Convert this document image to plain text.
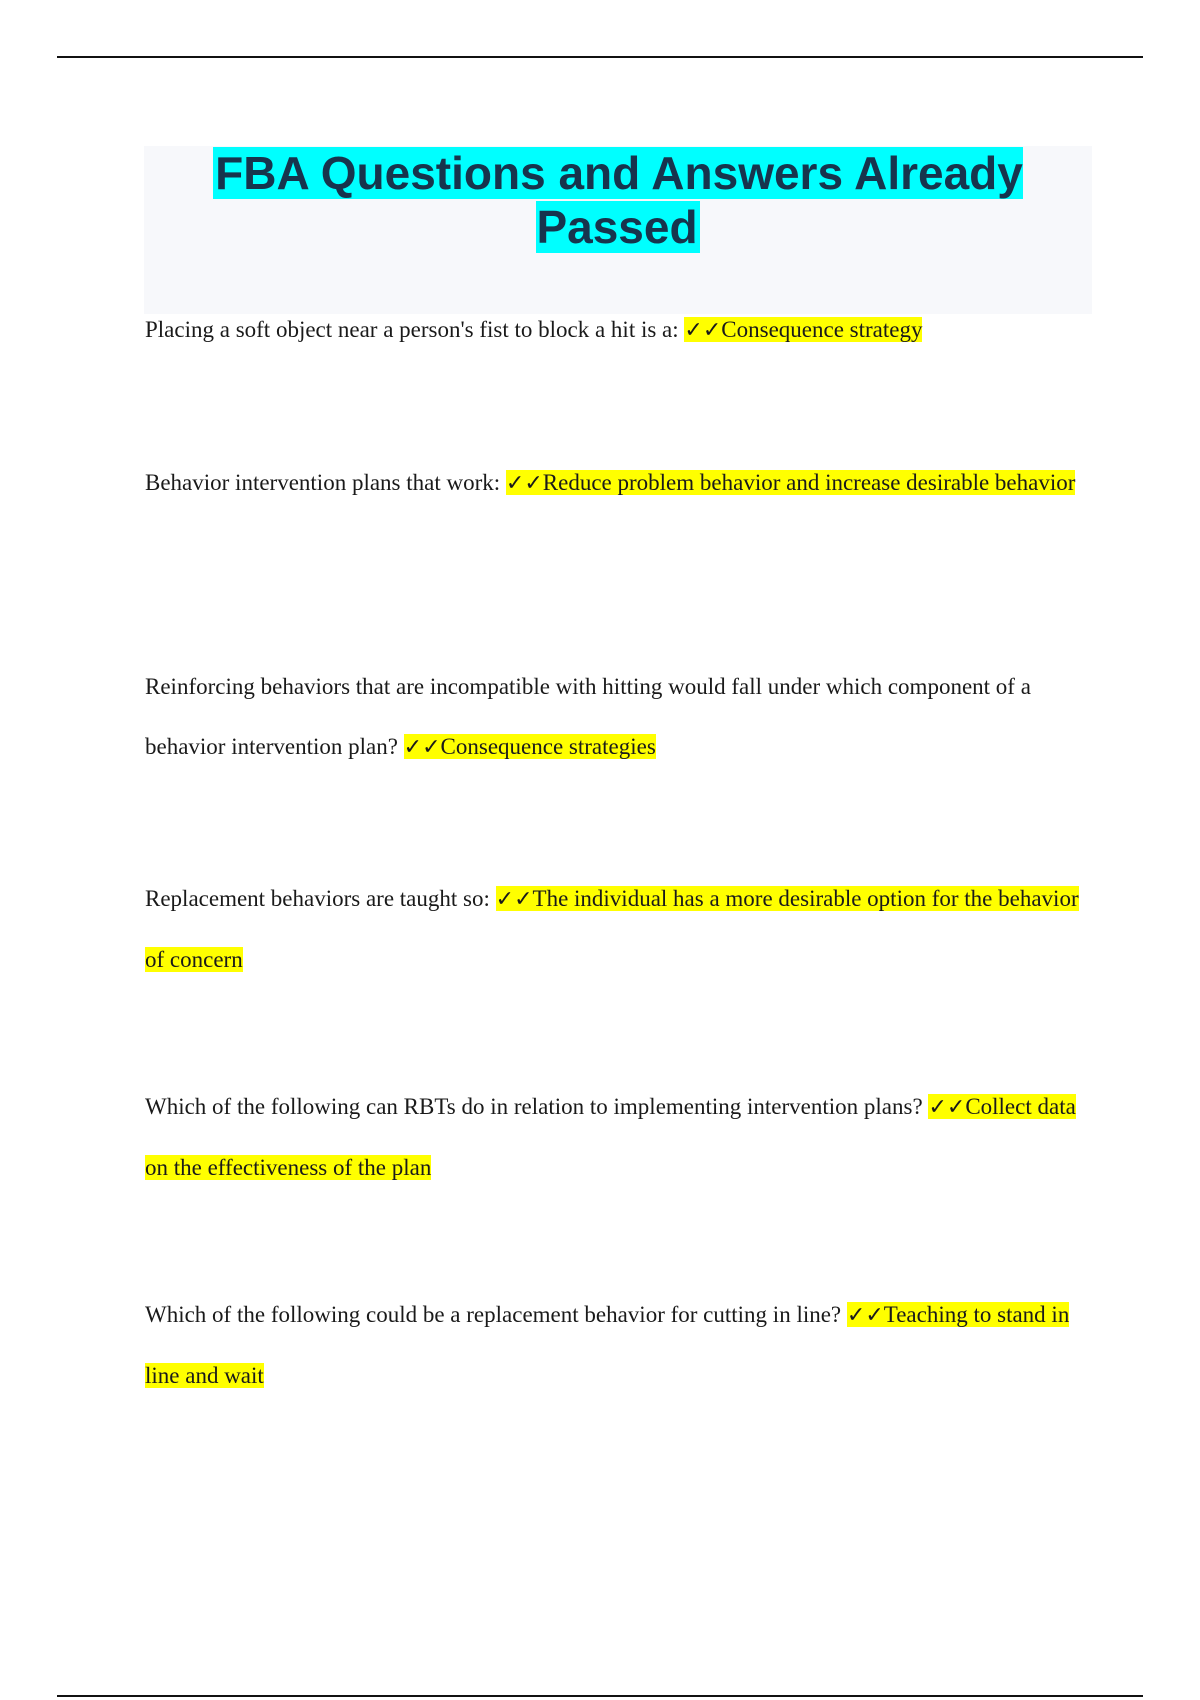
FBA Questions and Answers Already Passed

Placing a soft object near a person's fist to block a hit is a: ✓✓Consequence strategy

Behavior intervention plans that work: ✓✓Reduce problem behavior and increase desirable behavior

Reinforcing behaviors that are incompatible with hitting would fall under which component of a behavior intervention plan? ✓✓Consequence strategies

Replacement behaviors are taught so: ✓✓The individual has a more desirable option for the behavior of concern

Which of the following can RBTs do in relation to implementing intervention plans? ✓✓Collect data on the effectiveness of the plan

Which of the following could be a replacement behavior for cutting in line? ✓✓Teaching to stand in line and wait
